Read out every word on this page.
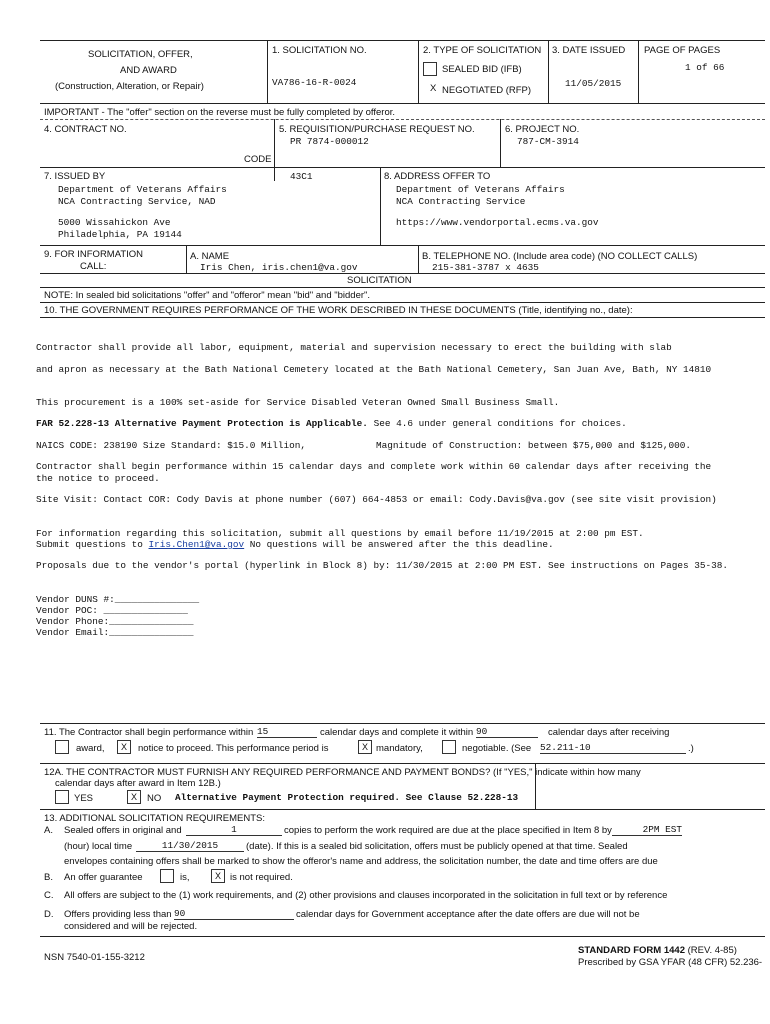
SOLICITATION, OFFER,
AND AWARD
(Construction, Alteration, or Repair)
1. SOLICITATION NO.
VA786-16-R-0024
2. TYPE OF SOLICITATION
SEALED BID (IFB)
X NEGOTIATED (RFP)
3. DATE ISSUED
11/05/2015
PAGE OF PAGES
1 of 66
IMPORTANT - The "offer" section on the reverse must be fully completed by offeror.
4. CONTRACT NO.	5. REQUISITION/PURCHASE REQUEST NO.
PR 7874-000012
6. PROJECT NO.
787-CM-3914
CODE
7. ISSUED BY	43C1	8. ADDRESS OFFER TO
Department of Veterans Affairs
NCA Contracting Service, NAD
5000 Wissahickon Ave
Philadelphia, PA 19144
Department of Veterans Affairs
NCA Contracting Service
https://www.vendorportal.ecms.va.gov
9. FOR INFORMATION
CALL:
A. NAME
Iris Chen, iris.chen1@va.gov
B. TELEPHONE NO. (Include area code) (NO COLLECT CALLS)
215-381-3787 x 4635
SOLICITATION
NOTE: In sealed bid solicitations "offer" and "offeror" mean "bid" and "bidder".
10. THE GOVERNMENT REQUIRES PERFORMANCE OF THE WORK DESCRIBED IN THESE DOCUMENTS (Title, identifying no., date):
Contractor shall provide all labor, equipment, material and supervision necessary to erect the building with slab
and apron as necessary at the Bath National Cemetery located at the Bath National Cemetery, San Juan Ave, Bath, NY 14810
This procurement is a 100% set-aside for Service Disabled Veteran Owned Small Business Small.
FAR 52.228-13 Alternative Payment Protection is Applicable. See 4.6 under general conditions for choices.
NAICS CODE: 238190 Size Standard: $15.0 Million,	Magnitude of Construction: between $75,000 and $125,000.
Contractor shall begin performance within 15 calendar days and complete work within 60 calendar days after receiving the
the notice to proceed.
Site Visit: Contact COR: Cody Davis at phone number (607) 664-4853 or email: Cody.Davis@va.gov (see site visit provision)
For information regarding this solicitation, submit all questions by email before 11/19/2015 at 2:00 pm EST.
Submit questions to Iris.Chen1@va.gov No questions will be answered after the this deadline.
Proposals due to the vendor's portal (hyperlink in Block 8) by: 11/30/2015 at 2:00 PM EST. See instructions on Pages 35-38.
Vendor DUNS #:_______________
Vendor POC: _______________
Vendor Phone:_______________
Vendor Email:_______________
11. The Contractor shall begin performance within 15	calendar days and complete it within 90	calendar days after receiving
award,	X	notice to proceed. This performance period is	X mandatory,	negotiable. (See 52.211-10	.)
12A. THE CONTRACTOR MUST FURNISH ANY REQUIRED PERFORMANCE AND PAYMENT BONDS? (If "YES," indicate within how many
calendar days after award in Item 12B.)
YES	X	NO Alternative Payment Protection required. See Clause 52.228-13
13. ADDITIONAL SOLICITATION REQUIREMENTS:
A. Sealed offers in original and	1	copies to perform the work required are due at the place specified in Item 8 by	2PM EST
(hour) local time	11/30/2015	(date). If this is a sealed bid solicitation, offers must be publicly opened at that time. Sealed
envelopes containing offers shall be marked to show the offeror's name and address, the solicitation number, the date and time offers are due
B. An offer guarantee	is,	X is not required.
C. All offers are subject to the (1) work requirements, and (2) other provisions and clauses incorporated in the solicitation in full text or by reference
D. Offers providing less than 90	calendar days for Government acceptance after the date offers are due will not be
considered and will be rejected.
NSN 7540-01-155-3212
STANDARD FORM 1442 (REV. 4-85)
Prescribed by GSA YFAR (48 CFR) 52.236-
